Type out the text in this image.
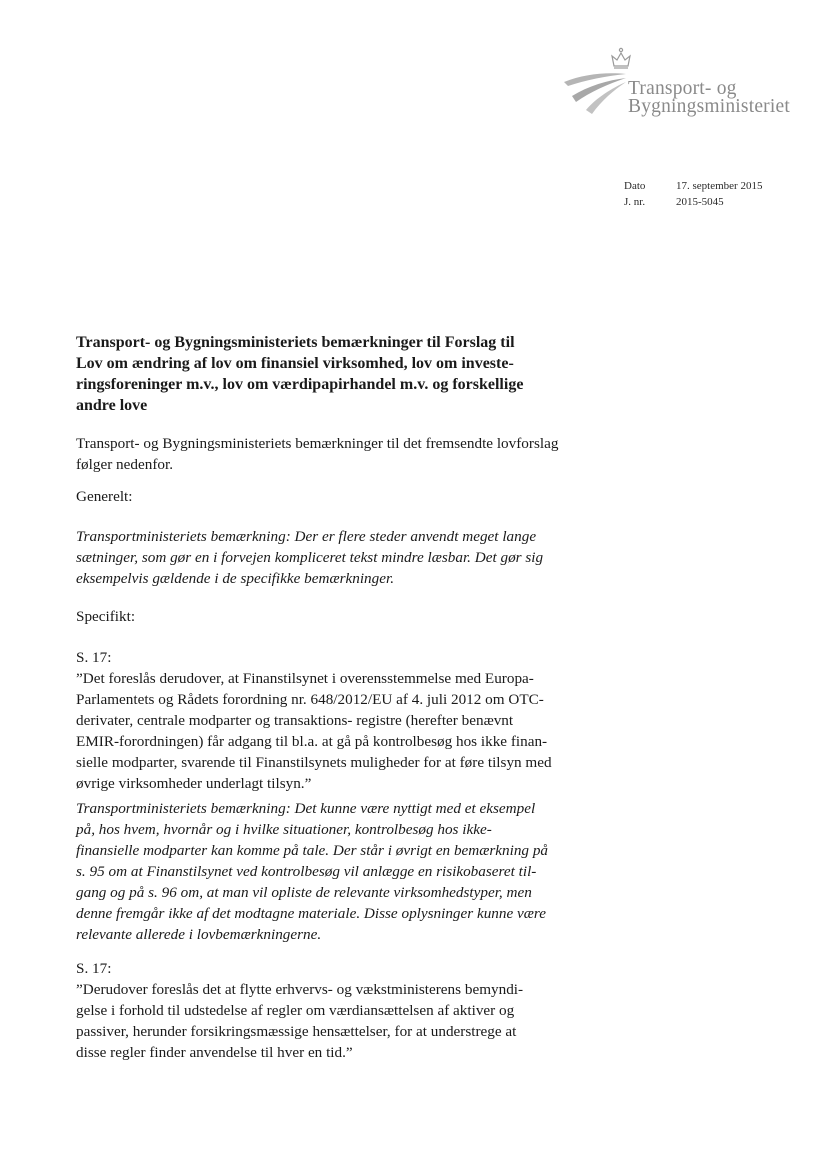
Transport- og
Bygningsministeriet
Dato	17. september 2015
J. nr.	2015-5045
Transport- og Bygningsministeriets bemærkninger til Forslag til
Lov om ændring af lov om finansiel virksomhed, lov om investe-
ringsforeninger m.v., lov om værdipapirhandel m.v. og forskellige
andre love
Transport- og Bygningsministeriets bemærkninger til det fremsendte lovforslag
følger nedenfor.
Generelt:
Transportministeriets bemærkning: Der er flere steder anvendt meget lange
sætninger, som gør en i forvejen kompliceret tekst mindre læsbar. Det gør sig
eksempelvis gældende i de specifikke bemærkninger.
Specifikt:
S. 17:
”Det foreslås derudover, at Finanstilsynet i overensstemmelse med Europa-
Parlamentets og Rådets forordning nr. 648/2012/EU af 4. juli 2012 om OTC-
derivater, centrale modparter og transaktions- registre (herefter benævnt
EMIR-forordningen) får adgang til bl.a. at gå på kontrolbesøg hos ikke finan-
sielle modparter, svarende til Finanstilsynets muligheder for at føre tilsyn med
øvrige virksomheder underlagt tilsyn.”
Transportministeriets bemærkning: Det kunne være nyttigt med et eksempel
på, hos hvem, hvornår og i hvilke situationer, kontrolbesøg hos ikke-
finansielle modparter kan komme på tale. Der står i øvrigt en bemærkning på
s. 95 om at Finanstilsynet ved kontrolbesøg vil anlægge en risikobaseret til-
gang og på s. 96 om, at man vil opliste de relevante virksomhedstyper, men
denne fremgår ikke af det modtagne materiale. Disse oplysninger kunne være
relevante allerede i lovbemærkningerne.
S. 17:
”Derudover foreslås det at flytte erhvervs- og vækstministerens bemyndi-
gelse i forhold til udstedelse af regler om værdiansættelsen af aktiver og
passiver, herunder forsikringsmæssige hensættelser, for at understrege at
disse regler finder anvendelse til hver en tid.”
